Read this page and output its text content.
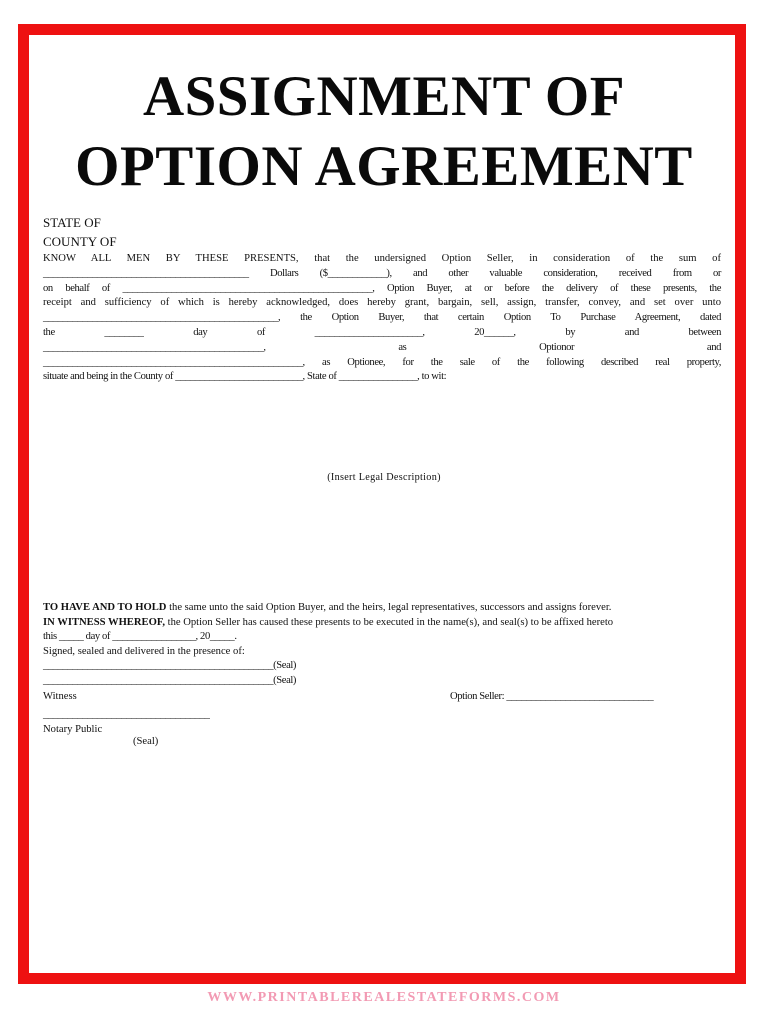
ASSIGNMENT OF
OPTION AGREEMENT
STATE OF
COUNTY OF
KNOW ALL MEN BY THESE PRESENTS, that the undersigned Option Seller, in consideration of the sum of
__________________________________________ Dollars ($____________), and other valuable consideration, received from or
on behalf of ___________________________________________________, Option Buyer, at or before the delivery of these presents, the
receipt and sufficiency of which is hereby acknowledged, does hereby grant, bargain, sell, assign, transfer, convey, and set over unto
________________________________________________, the Option Buyer, that certain Option To Purchase Agreement, dated
the ________ day of ______________________, 20______, by and between
_____________________________________________, as Optionor and
_____________________________________________________, as Optionee, for the sale of the following described real property,
situate and being in the County of __________________________, State of ________________, to wit:
(Insert Legal Description)
TO HAVE AND TO HOLD the same unto the said Option Buyer, and the heirs, legal representatives, successors and assigns forever.
IN WITNESS WHEREOF, the Option Seller has caused these presents to be executed in the name(s), and seal(s) to be affixed hereto
this _____ day of _________________, 20_____.
Signed, sealed and delivered in the presence of:
_______________________________________________(Seal)
_______________________________________________(Seal)
Witness	Option Seller: ______________________________
__________________________________
Notary Public
(Seal)
WWW.PRINTABLEREALESTATEFORMS.COM
